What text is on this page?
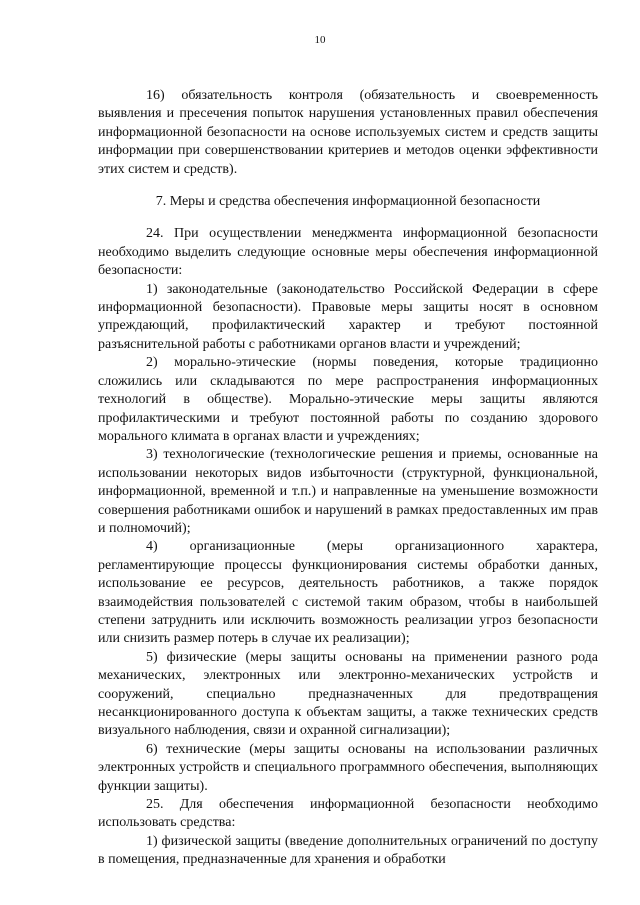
10

16) обязательность контроля (обязательность и своевременность выявления и пресечения попыток нарушения установленных правил обеспечения информационной безопасности на основе используемых систем и средств защиты информации при совершенствовании критериев и методов оценки эффективности этих систем и средств).

7. Меры и средства обеспечения информационной безопасности

24. При осуществлении менеджмента информационной безопасности необходимо выделить следующие основные меры обеспечения информационной безопасности:

1) законодательные (законодательство Российской Федерации в сфере информационной безопасности). Правовые меры защиты носят в основном упреждающий, профилактический характер и требуют постоянной разъяснительной работы с работниками органов власти и учреждений;

2) морально-этические (нормы поведения, которые традиционно сложились или складываются по мере распространения информационных технологий в обществе). Морально-этические меры защиты являются профилактическими и требуют постоянной работы по созданию здорового морального климата в органах власти и учреждениях;

3) технологические (технологические решения и приемы, основанные на использовании некоторых видов избыточности (структурной, функциональной, информационной, временной и т.п.) и направленные на уменьшение возможности совершения работниками ошибок и нарушений в рамках предоставленных им прав и полномочий);

4) организационные (меры организационного характера, регламентирующие процессы функционирования системы обработки данных, использование ее ресурсов, деятельность работников, а также порядок взаимодействия пользователей с системой таким образом, чтобы в наибольшей степени затруднить или исключить возможность реализации угроз безопасности или снизить размер потерь в случае их реализации);

5) физические (меры защиты основаны на применении разного рода механических, электронных или электронно-механических устройств и сооружений, специально предназначенных для предотвращения несанкционированного доступа к объектам защиты, а также технических средств визуального наблюдения, связи и охранной сигнализации);

6) технические (меры защиты основаны на использовании различных электронных устройств и специального программного обеспечения, выполняющих функции защиты).

25. Для обеспечения информационной безопасности необходимо использовать средства:

1) физической защиты (введение дополнительных ограничений по доступу в помещения, предназначенные для хранения и обработки
